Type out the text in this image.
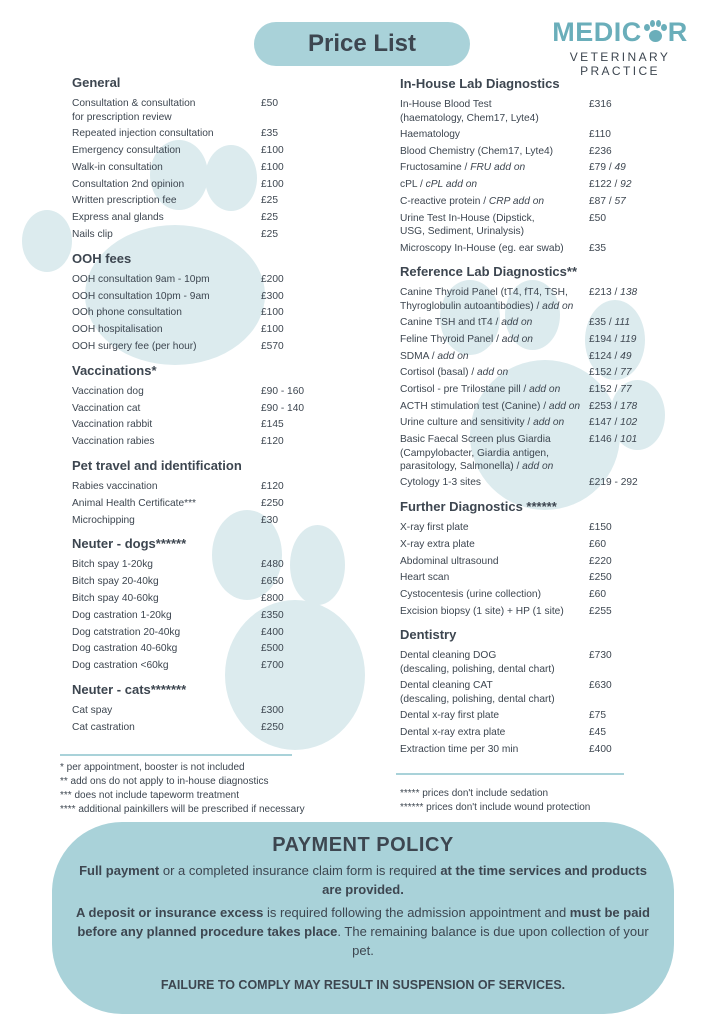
Price List	MEDIC R
VETERINARY PRACTICE
General
Consultation & consultation
for prescription review
£50
Repeated injection consultation	£35
Emergency consultation	£100
Walk-in consultation	£100
Consultation 2nd opinion	£100
Written prescription fee	£25
Express anal glands	£25
Nails clip	£25
OOH fees
OOH consultation 9am - 10pm	£200
OOH consultation 10pm - 9am	£300
OOh phone consultation	£100
OOH hospitalisation	£100
OOH surgery fee (per hour)	£570
Vaccinations*
Vaccination dog	£90 - 160
Vaccination cat	£90 - 140
Vaccination rabbit	£145
Vaccination rabies	£120
Pet travel and identification
Rabies vaccination	£120
Animal Health Certificate***	£250
Microchipping	£30
Neuter - dogs******
Bitch spay 1-20kg	£480
Bitch spay 20-40kg	£650
Bitch spay 40-60kg	£800
Dog castration 1-20kg	£350
Dog catstration 20-40kg	£400
Dog castration 40-60kg	£500
Dog castration <60kg	£700
Neuter - cats*******
Cat spay	£300
Cat castration	£250
In-House Lab Diagnostics
In-House Blood Test
(haematology, Chem17, Lyte4)
£316
Haematology	£110
Blood Chemistry (Chem17, Lyte4)	£236
Fructosamine / FRU add on	£79 / 49
cPL / cPL add on	£122 / 92
C-reactive protein / CRP add on	£87 / 57
Urine Test In-House (Dipstick,
USG, Sediment, Urinalysis)
£50
Microscopy In-House (eg. ear swab) £35
Reference Lab Diagnostics**
Canine Thyroid Panel (tT4, fT4, TSH,
Thyroglobulin autoantibodies) / add on
£213 / 138
Canine TSH and tT4 / add on	£35 / 111
Feline Thyroid Panel / add on	£194 / 119
SDMA / add on	£124 / 49
Cortisol (basal) / add on	£152 / 77
Cortisol - pre Trilostane pill / add on	£152 / 77
ACTH stimulation test (Canine) / add on £253 / 178
Urine culture and sensitivity / add on £147 / 102
Basic Faecal Screen plus Giardia
(Campylobacter, Giardia antigen,
parasitology, Salmonella) / add on
£146 / 101
Cytology 1-3 sites	£219 - 292
Further Diagnostics ******
X-ray first plate	£150
X-ray extra plate	£60
Abdominal ultrasound	£220
Heart scan	£250
Cystocentesis (urine collection)	£60
Excision biopsy (1 site) + HP (1 site) £255
Dentistry
Dental cleaning DOG
(descaling, polishing, dental chart)
£730
Dental cleaning CAT
(descaling, polishing, dental chart)
£630
Dental x-ray first plate	£75
Dental x-ray extra plate	£45
Extraction time per 30 min	£400
* per appointment, booster is not included
** add ons do not apply to in-house diagnostics
*** does not include tapeworm treatment
**** additional painkillers will be prescribed if necessary
***** prices don't include sedation
****** prices don't include wound protection
PAYMENT POLICY

Full payment or a completed insurance claim form is required at the time services and products are provided.

A deposit or insurance excess is required following the admission appointment and must be paid before any planned procedure takes place. The remaining balance is due upon collection of your pet.

FAILURE TO COMPLY MAY RESULT IN SUSPENSION OF SERVICES.
